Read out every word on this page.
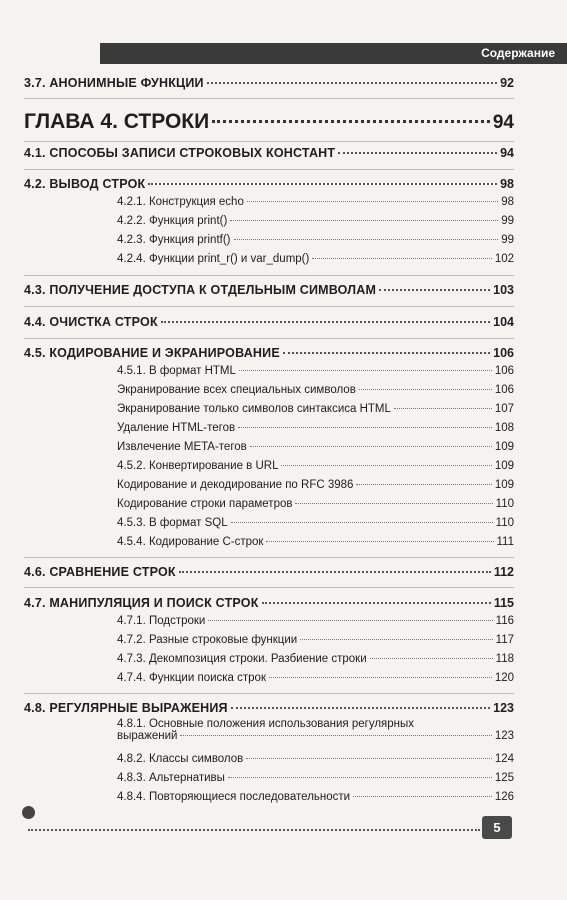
Содержание
3.7. АНОНИМНЫЕ ФУНКЦИИ	92
ГЛАВА 4. СТРОКИ	94
4.1. СПОСОБЫ ЗАПИСИ СТРОКОВЫХ КОНСТАНТ	94
4.2. ВЫВОД СТРОК	98
4.2.1. Конструкция echo	98
4.2.2. Функция print()	99
4.2.3. Функция printf()	99
4.2.4. Функции print_r() и var_dump()	102
4.3. ПОЛУЧЕНИЕ ДОСТУПА К ОТДЕЛЬНЫМ СИМВОЛАМ	103
4.4. ОЧИСТКА СТРОК	104
4.5. КОДИРОВАНИЕ И ЭКРАНИРОВАНИЕ	106
4.5.1. В формат HTML	106
Экранирование всех специальных символов	106
Экранирование только символов синтаксиса HTML	107
Удаление HTML-тегов	108
Извлечение META-тегов	109
4.5.2. Конвертирование в URL	109
Кодирование и декодирование по RFC 3986	109
Кодирование строки параметров	110
4.5.3. В формат SQL	110
4.5.4. Кодирование С-строк	111
4.6. СРАВНЕНИЕ СТРОК	112
4.7. МАНИПУЛЯЦИЯ И ПОИСК СТРОК	115
4.7.1. Подстроки	116
4.7.2. Разные строковые функции	117
4.7.3. Декомпозиция строки. Разбиение строки	118
4.7.4. Функции поиска строк	120
4.8. РЕГУЛЯРНЫЕ ВЫРАЖЕНИЯ	123
4.8.1. Основные положения использования регулярных
выражений	123
4.8.2. Классы символов	124
4.8.3. Альтернативы	125
4.8.4. Повторяющиеся последовательности	126
5
